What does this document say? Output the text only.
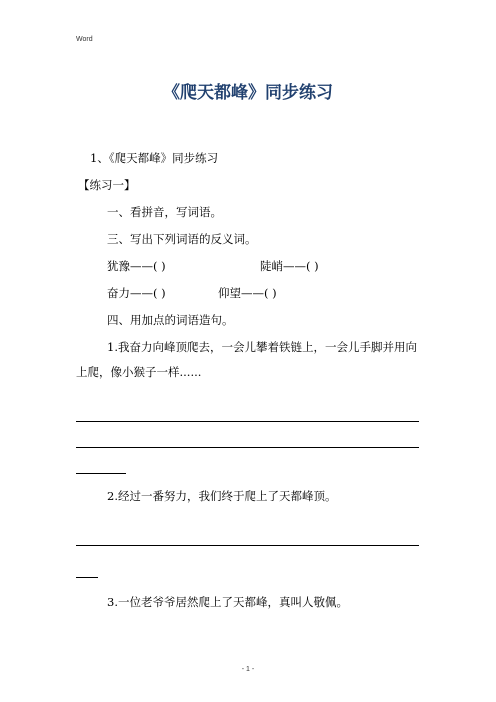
Word
《爬天都峰》同步练习
1、《爬天都峰》同步练习
【练习一】
一、看拼音，写词语。
三、写出下列词语的反义词。
犹豫——( )	陡峭——( )
奋力——( )	仰望——( )
四、用加点的词语造句。
1.我奋力向峰顶爬去，一会儿攀着铁链上，一会儿手脚并用向
上爬，像小猴子一样......
2.经过一番努力，我们终于爬上了天都峰顶。
3.一位老爷爷居然爬上了天都峰，真叫人敬佩。
- 1 -
